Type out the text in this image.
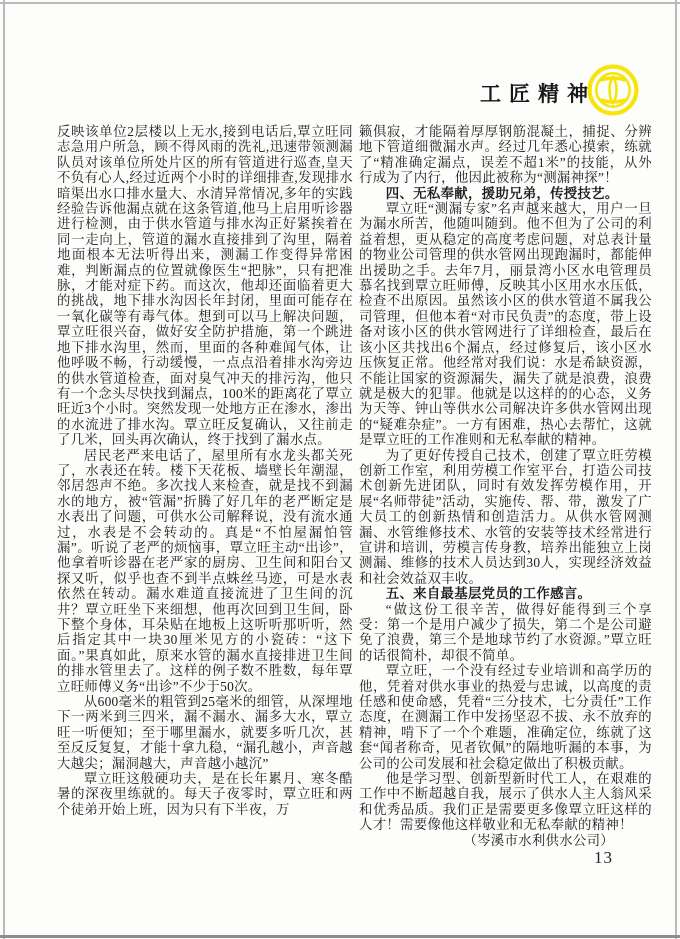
工匠精神

反映该单位2层楼以上无水,接到电话后,覃立旺同志急用户所急，顾不得风雨的洗礼,迅速带领测漏队员对该单位所处片区的所有管道进行巡查,皇天不负有心人,经过近两个小时的详细排查,发现排水暗渠出水口排水量大、水清异常情况,多年的实践经验告诉他漏点就在这条管道,他马上启用听诊器进行检测，由于供水管道与排水沟正好紧挨着在同一走向上，管道的漏水直接排到了沟里，隔着地面根本无法听得出来，测漏工作变得异常困难，判断漏点的位置就像医生“把脉”，只有把准脉，才能对症下药。而这次，他却还面临着更大的挑战，地下排水沟因长年封闭，里面可能存在一氧化碳等有毒气体。想到可以马上解决问题，覃立旺很兴奋，做好安全防护措施，第一个跳进地下排水沟里，然而，里面的各种难闻气体，让他呼吸不畅，行动缓慢，一点点沿着排水沟旁边的供水管道检查，面对臭气冲天的排污沟，他只有一个念头尽快找到漏点，100米的距离花了覃立旺近3个小时。突然发现一处地方正在渗水，渗出的水流进了排水沟。覃立旺反复确认，又往前走了几米，回头再次确认，终于找到了漏水点。

居民老严来电话了，屋里所有水龙头都关死了，水表还在转。楼下天花板、墙壁长年潮湿，邻居怨声不绝。多次找人来检查，就是找不到漏水的地方，被“管漏”折腾了好几年的老严断定是水表出了问题，可供水公司解释说，没有流水通过，水表是不会转动的。真是“不怕屋漏怕管漏”。听说了老严的烦恼事，覃立旺主动“出诊”，他拿着听诊器在老严家的厨房、卫生间和阳台又探又听，似乎也查不到半点蛛丝马迹，可是水表依然在转动。漏水难道直接流进了卫生间的沉井？覃立旺坐下来细想，他再次回到卫生间，卧下整个身体，耳朵贴在地板上这听听那听听，然后指定其中一块30厘米见方的小瓷砖：“这下面。”果真如此，原来水管的漏水直接排进卫生间的排水管里去了。这样的例子数不胜数，每年覃立旺师傅义务“出诊”不少于50次。

从600毫米的粗管到25毫米的细管，从深埋地下一两米到三四米，漏不漏水、漏多大水，覃立旺一听便知；至于哪里漏水，就要多听几次，甚至反反复复，才能十拿九稳，“漏孔越小，声音越大越尖；漏洞越大，声音越小越沉”

覃立旺这般硬功夫，是在长年累月、寒冬酷暑的深夜里练就的。每天子夜零时，覃立旺和两个徒弟开始上班，因为只有下半夜，万

籁俱寂，才能隔着厚厚钢筋混凝土，捕捉、分辨地下管道细微漏水声。经过几年悉心摸索，练就了“精准确定漏点，误差不超1米”的技能，从外行成为了内行，他因此被称为“测漏神探”！

四、无私奉献，援助兄弟，传授技艺。

覃立旺“测漏专家”名声越来越大，用户一旦为漏水所苦，他随叫随到。他不但为了公司的利益着想，更从稳定的高度考虑问题，对总表计量的物业公司管理的供水管网出现跑漏时，都能伸出援助之手。去年7月，丽景湾小区水电管理员慕名找到覃立旺师傅，反映其小区用水水压低，检查不出原因。虽然该小区的供水管道不属我公司管理，但他本着“对市民负责”的态度，带上设备对该小区的供水管网进行了详细检查，最后在该小区共找出6个漏点，经过修复后，该小区水压恢复正常。他经常对我们说：水是希缺资源，不能让国家的资源漏失，漏失了就是浪费，浪费就是极大的犯罪。他就是以这样的的心态，义务为天等、钟山等供水公司解决许多供水管网出现的“疑难杂症”。一方有困难，热心去帮忙，这就是覃立旺的工作准则和无私奉献的精神。

为了更好传授自己技术，创建了覃立旺劳模创新工作室，利用劳模工作室平台，打造公司技术创新先进团队，同时有效发挥劳模作用，开展“名师带徒”活动，实施传、帮、带，激发了广大员工的创新热情和创造活力。从供水管网测漏、水管维修技术、水管的安装等技术经常进行宣讲和培训，劳模言传身教，培养出能独立上岗测漏、维修的技术人员达到30人，实现经济效益和社会效益双丰收。

五、来自最基层党员的工作感言。

“做这份工很辛苦，做得好能得到三个享受：第一个是用户减少了损失，第二个是公司避免了浪费，第三个是地球节约了水资源。”覃立旺的话很简朴，却很不简单。

覃立旺，一个没有经过专业培训和高学历的他，凭着对供水事业的热爱与忠诚，以高度的责任感和使命感，凭着“三分技术，七分责任”工作态度，在测漏工作中发扬坚忍不拔、永不放弃的精神，啃下了一个个难题，准确定位，练就了这套“闻者称奇，见者钦佩”的隔地听漏的本事，为公司的公司发展和社会稳定做出了积极贡献。

他是学习型、创新型新时代工人，在艰难的工作中不断超越自我，展示了供水人主人翁风采和优秀品质。我们正是需要更多像覃立旺这样的人才！需要像他这样敬业和无私奉献的精神！

（岑溪市水利供水公司）

13
